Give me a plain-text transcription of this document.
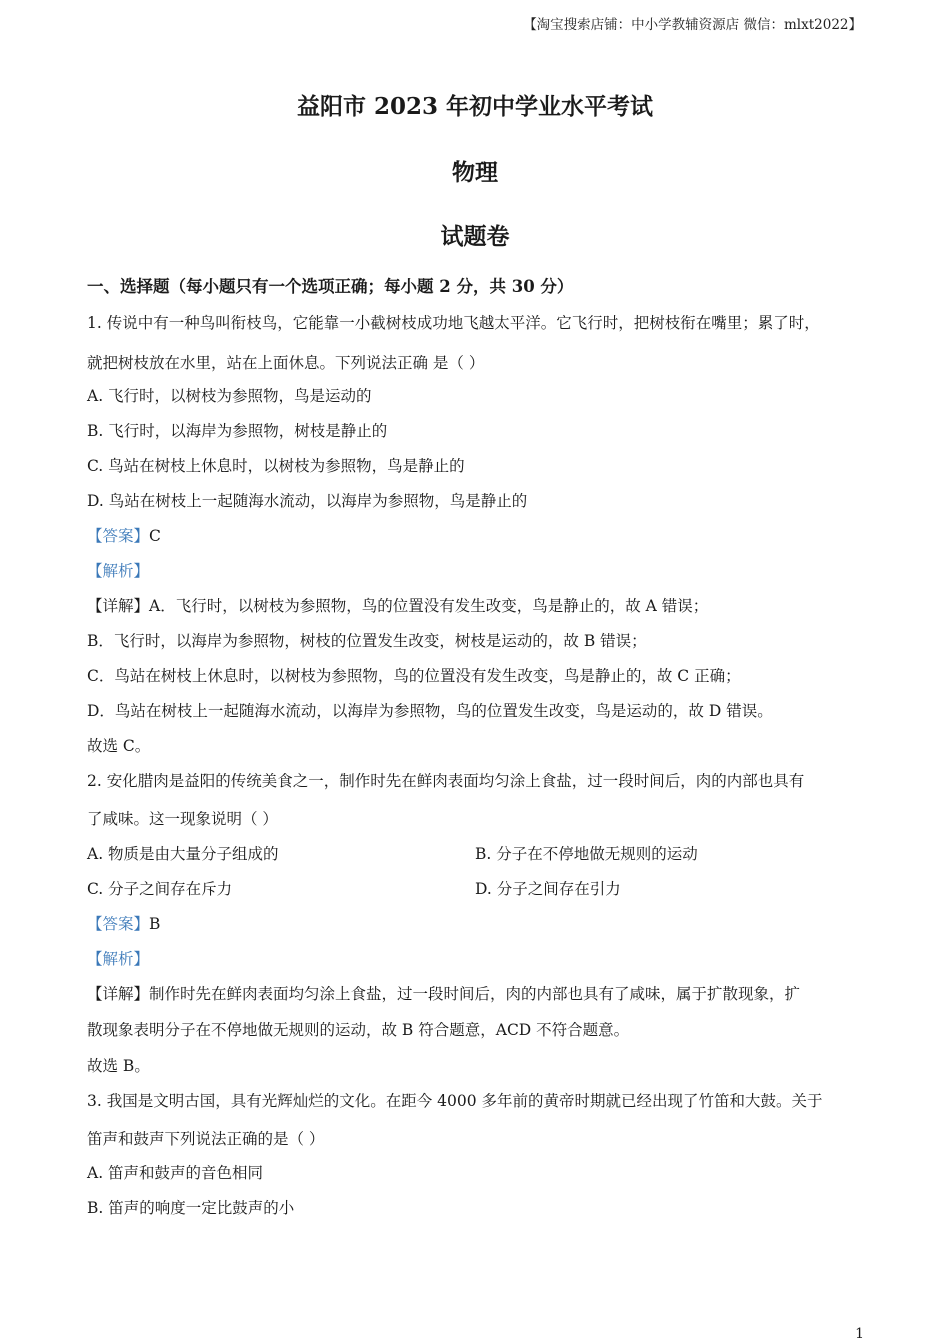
【淘宝搜索店铺：中小学教辅资源店 微信：mlxt2022】
益阳市 2023 年初中学业水平考试
物理
试题卷
一、选择题（每小题只有一个选项正确；每小题 2 分，共 30 分）
1. 传说中有一种鸟叫衔枝鸟，它能靠一小截树枝成功地飞越太平洋。它飞行时，把树枝衔在嘴里；累了时，
就把树枝放在水里，站在上面休息。下列说法正确 是（ ）
A. 飞行时，以树枝为参照物，鸟是运动的
B. 飞行时，以海岸为参照物，树枝是静止的
C. 鸟站在树枝上休息时，以树枝为参照物，鸟是静止的
D. 鸟站在树枝上一起随海水流动，以海岸为参照物，鸟是静止的
【答案】C
【解析】
【详解】A．飞行时，以树枝为参照物，鸟的位置没有发生改变，鸟是静止的，故 A 错误；
B．飞行时，以海岸为参照物，树枝的位置发生改变，树枝是运动的，故 B 错误；
C．鸟站在树枝上休息时，以树枝为参照物，鸟的位置没有发生改变，鸟是静止的，故 C 正确；
D．鸟站在树枝上一起随海水流动，以海岸为参照物，鸟的位置发生改变，鸟是运动的，故 D 错误。
故选 C。
2. 安化腊肉是益阳的传统美食之一，制作时先在鲜肉表面均匀涂上食盐，过一段时间后，肉的内部也具有
了咸味。这一现象说明（ ）
A. 物质是由大量分子组成的	B. 分子在不停地做无规则的运动
C. 分子之间存在斥力	D. 分子之间存在引力
【答案】B
【解析】
【详解】制作时先在鲜肉表面均匀涂上食盐，过一段时间后，肉的内部也具有了咸味，属于扩散现象，扩
散现象表明分子在不停地做无规则的运动，故 B 符合题意，ACD 不符合题意。
故选 B。
3. 我国是文明古国，具有光辉灿烂的文化。在距今 4000 多年前的黄帝时期就已经出现了竹笛和大鼓。关于
笛声和鼓声下列说法正确的是（ ）
A. 笛声和鼓声的音色相同
B. 笛声的响度一定比鼓声的小
1
